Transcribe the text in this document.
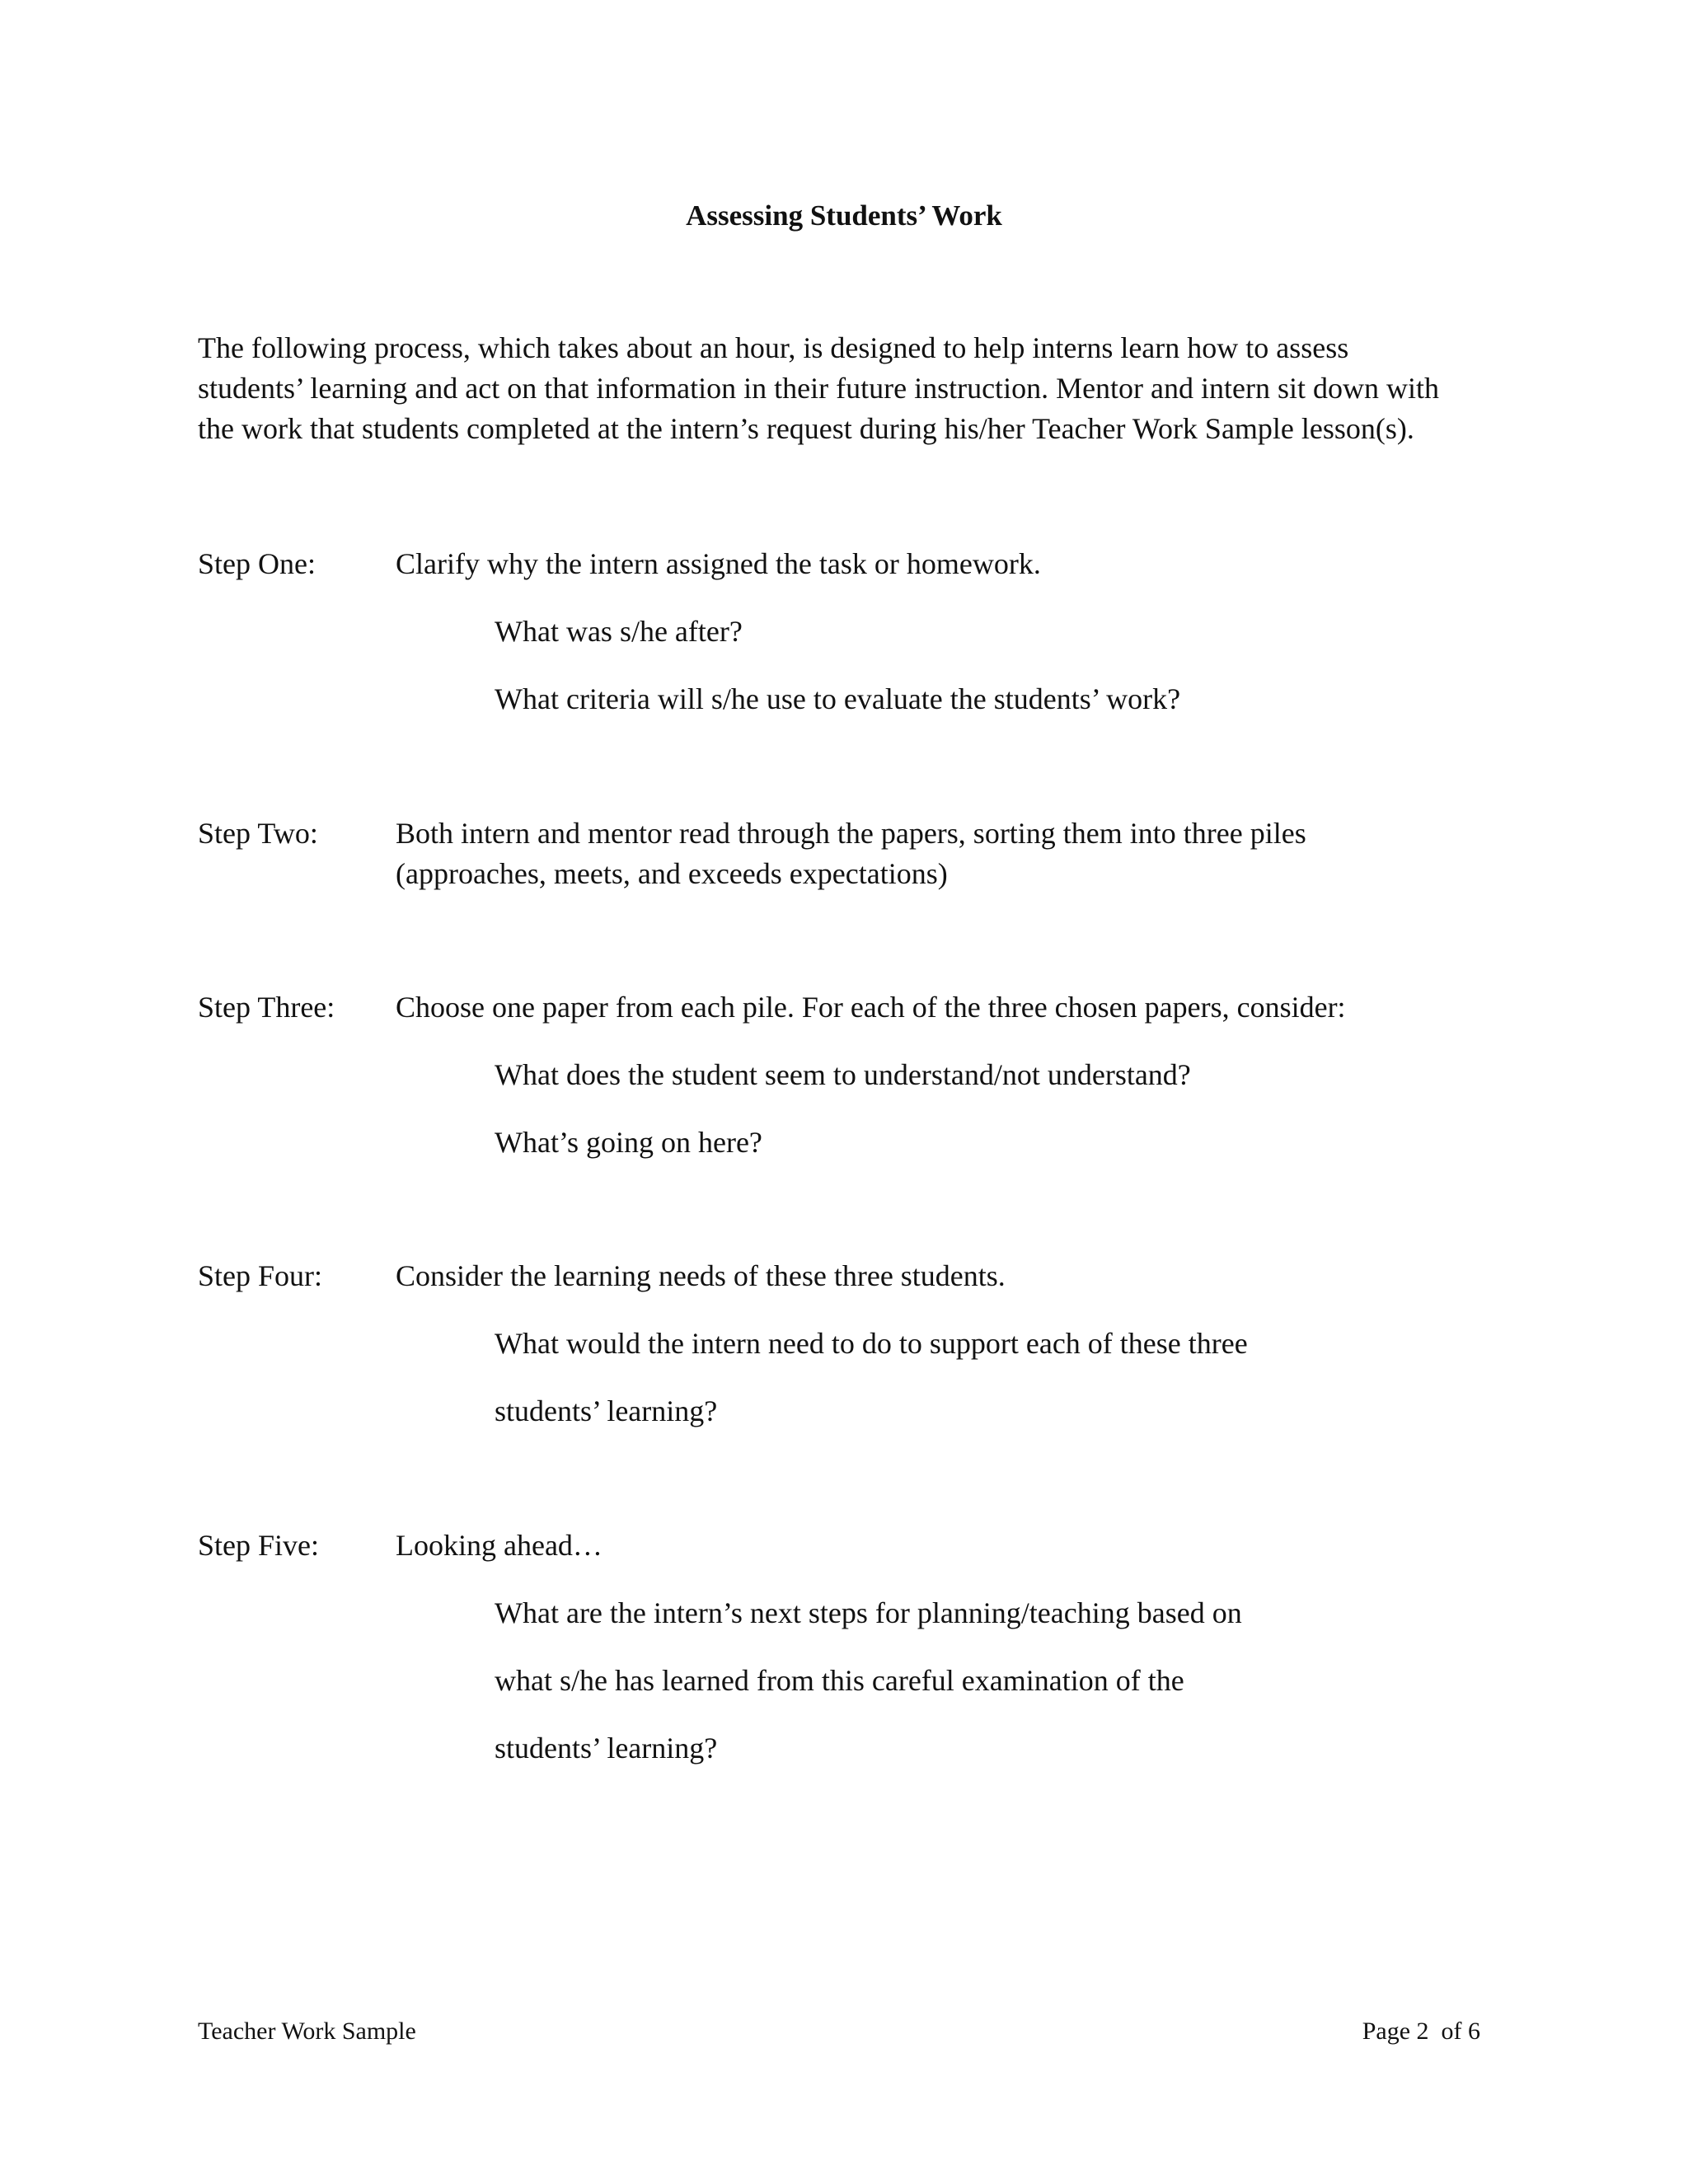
Assessing Students’ Work
The following process, which takes about an hour, is designed to help interns learn how to assess
students’ learning and act on that information in their future instruction. Mentor and intern sit down with
the work that students completed at the intern’s request during his/her Teacher Work Sample lesson(s).
Step One:	Clarify why the intern assigned the task or homework.
What was s/he after?
What criteria will s/he use to evaluate the students’ work?
Step Two:	Both intern and mentor read through the papers, sorting them into three piles
(approaches, meets, and exceeds expectations)
Step Three: Choose one paper from each pile. For each of the three chosen papers, consider:
What does the student seem to understand/not understand?
What’s going on here?
Step Four: Consider the learning needs of these three students.
What would the intern need to do to support each of these three
students’ learning?
Step Five:	Looking ahead…
What are the intern’s next steps for planning/teaching based on
what s/he has learned from this careful examination of the
students’ learning?
Teacher Work Sample	Page 2  of 6
